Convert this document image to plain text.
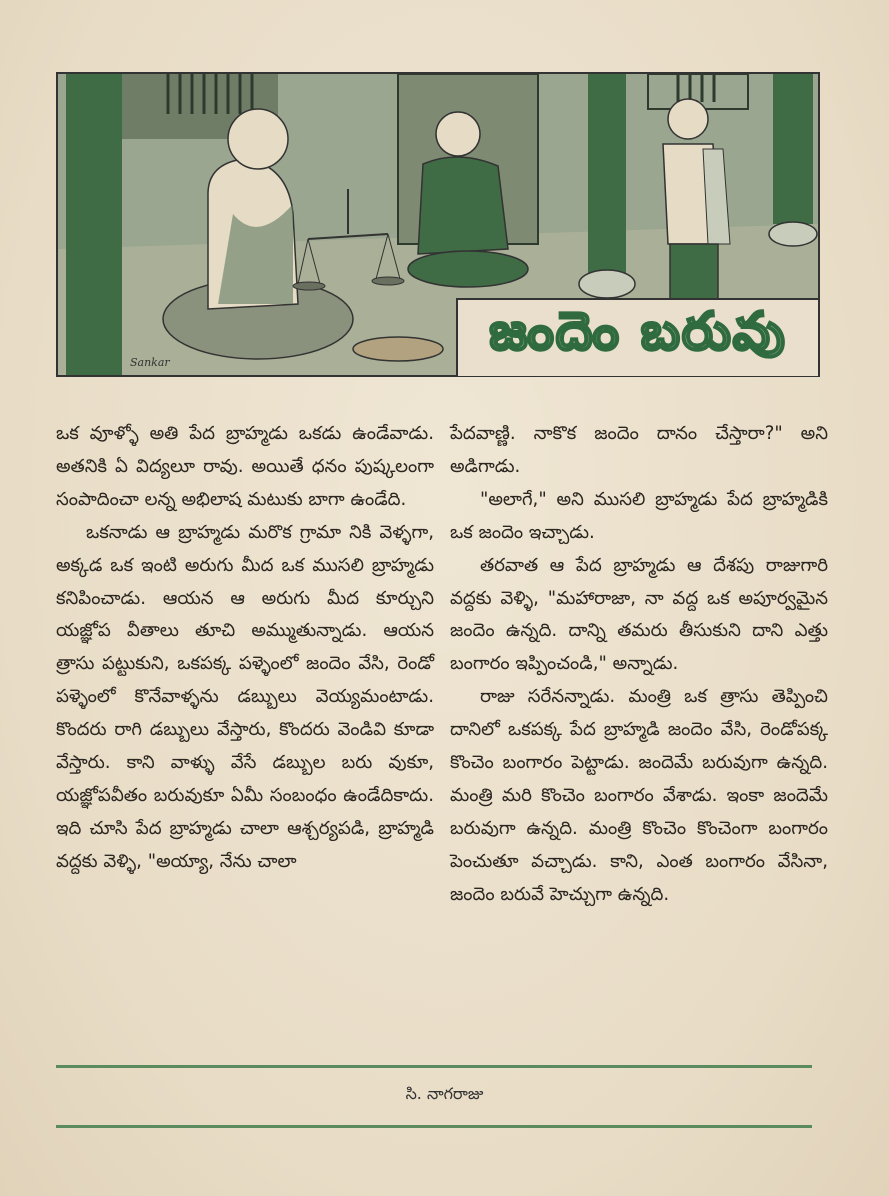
Sankar
జందెం బరువు

ఒక వూళ్ళో అతి పేద బ్రాహ్మడు ఒకడు ఉండేవాడు. అతనికి ఏ విద్యలూ రావు. అయితే ధనం పుష్కలంగా సంపాదించా లన్న అభిలాష మటుకు బాగా ఉండేది.

ఒకనాడు ఆ బ్రాహ్మడు మరొక గ్రామా నికి వెళ్ళగా, అక్కడ ఒక ఇంటి అరుగు మీద ఒక ముసలి బ్రాహ్మడు కనిపించాడు. ఆయన ఆ అరుగు మీద కూర్చుని యజ్ఞోప వీతాలు తూచి అమ్ముతున్నాడు. ఆయన త్రాసు పట్టుకుని, ఒకపక్క పళ్ళెంలో జందెం వేసి, రెండో పళ్ళెంలో కొనేవాళ్ళను డబ్బులు వెయ్యమంటాడు. కొందరు రాగి డబ్బులు వేస్తారు, కొందరు వెండివి కూడా వేస్తారు. కాని వాళ్ళు వేసే డబ్బుల బరు వుకూ, యజ్ఞోపవీతం బరువుకూ ఏమీ సంబంధం ఉండేదికాదు. ఇది చూసి పేద బ్రాహ్మడు చాలా ఆశ్చర్యపడి, బ్రాహ్మడి వద్దకు వెళ్ళి, "అయ్యా, నేను చాలా

పేదవాణ్ణి. నాకొక జందెం దానం చేస్తారా?" అని అడిగాడు.

"అలాగే," అని ముసలి బ్రాహ్మడు పేద బ్రాహ్మడికి ఒక జందెం ఇచ్చాడు.

తరవాత ఆ పేద బ్రాహ్మడు ఆ దేశపు రాజుగారి వద్దకు వెళ్ళి, "మహారాజా, నా వద్ద ఒక అపూర్వమైన జందెం ఉన్నది. దాన్ని తమరు తీసుకుని దాని ఎత్తు బంగారం ఇప్పించండి," అన్నాడు.

రాజు సరేనన్నాడు. మంత్రి ఒక త్రాసు తెప్పించి దానిలో ఒకపక్క పేద బ్రాహ్మడి జందెం వేసి, రెండోపక్క కొంచెం బంగారం పెట్టాడు. జందెమే బరువుగా ఉన్నది. మంత్రి మరి కొంచెం బంగారం వేశాడు. ఇంకా జందెమే బరువుగా ఉన్నది. మంత్రి కొంచెం కొంచెంగా బంగారం పెంచుతూ వచ్చాడు. కాని, ఎంత బంగారం వేసినా, జందెం బరువే హెచ్చుగా ఉన్నది.

సి. నాగరాజు
